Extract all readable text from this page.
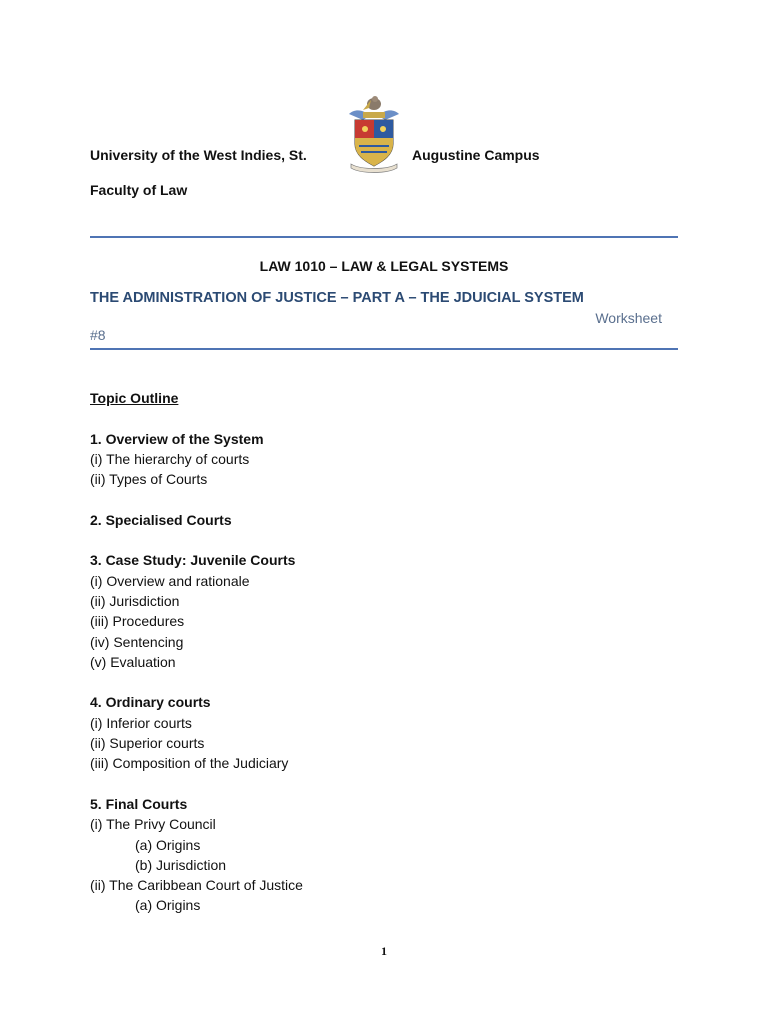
University of the West Indies, St.	Augustine Campus
Faculty of Law
LAW 1010 – LAW & LEGAL SYSTEMS
THE ADMINISTRATION OF JUSTICE – PART A – THE JDUICIAL SYSTEM
Worksheet
#8
Topic Outline
1. Overview of the System
(i) The hierarchy of courts
(ii) Types of Courts
2. Specialised Courts
3. Case Study: Juvenile Courts
(i) Overview and rationale
(ii) Jurisdiction
(iii) Procedures
(iv) Sentencing
(v) Evaluation
4. Ordinary courts
(i) Inferior courts
(ii) Superior courts
(iii) Composition of the Judiciary
5. Final Courts
(i) The Privy Council
(a) Origins
(b) Jurisdiction
(ii) The Caribbean Court of Justice
(a) Origins
1
